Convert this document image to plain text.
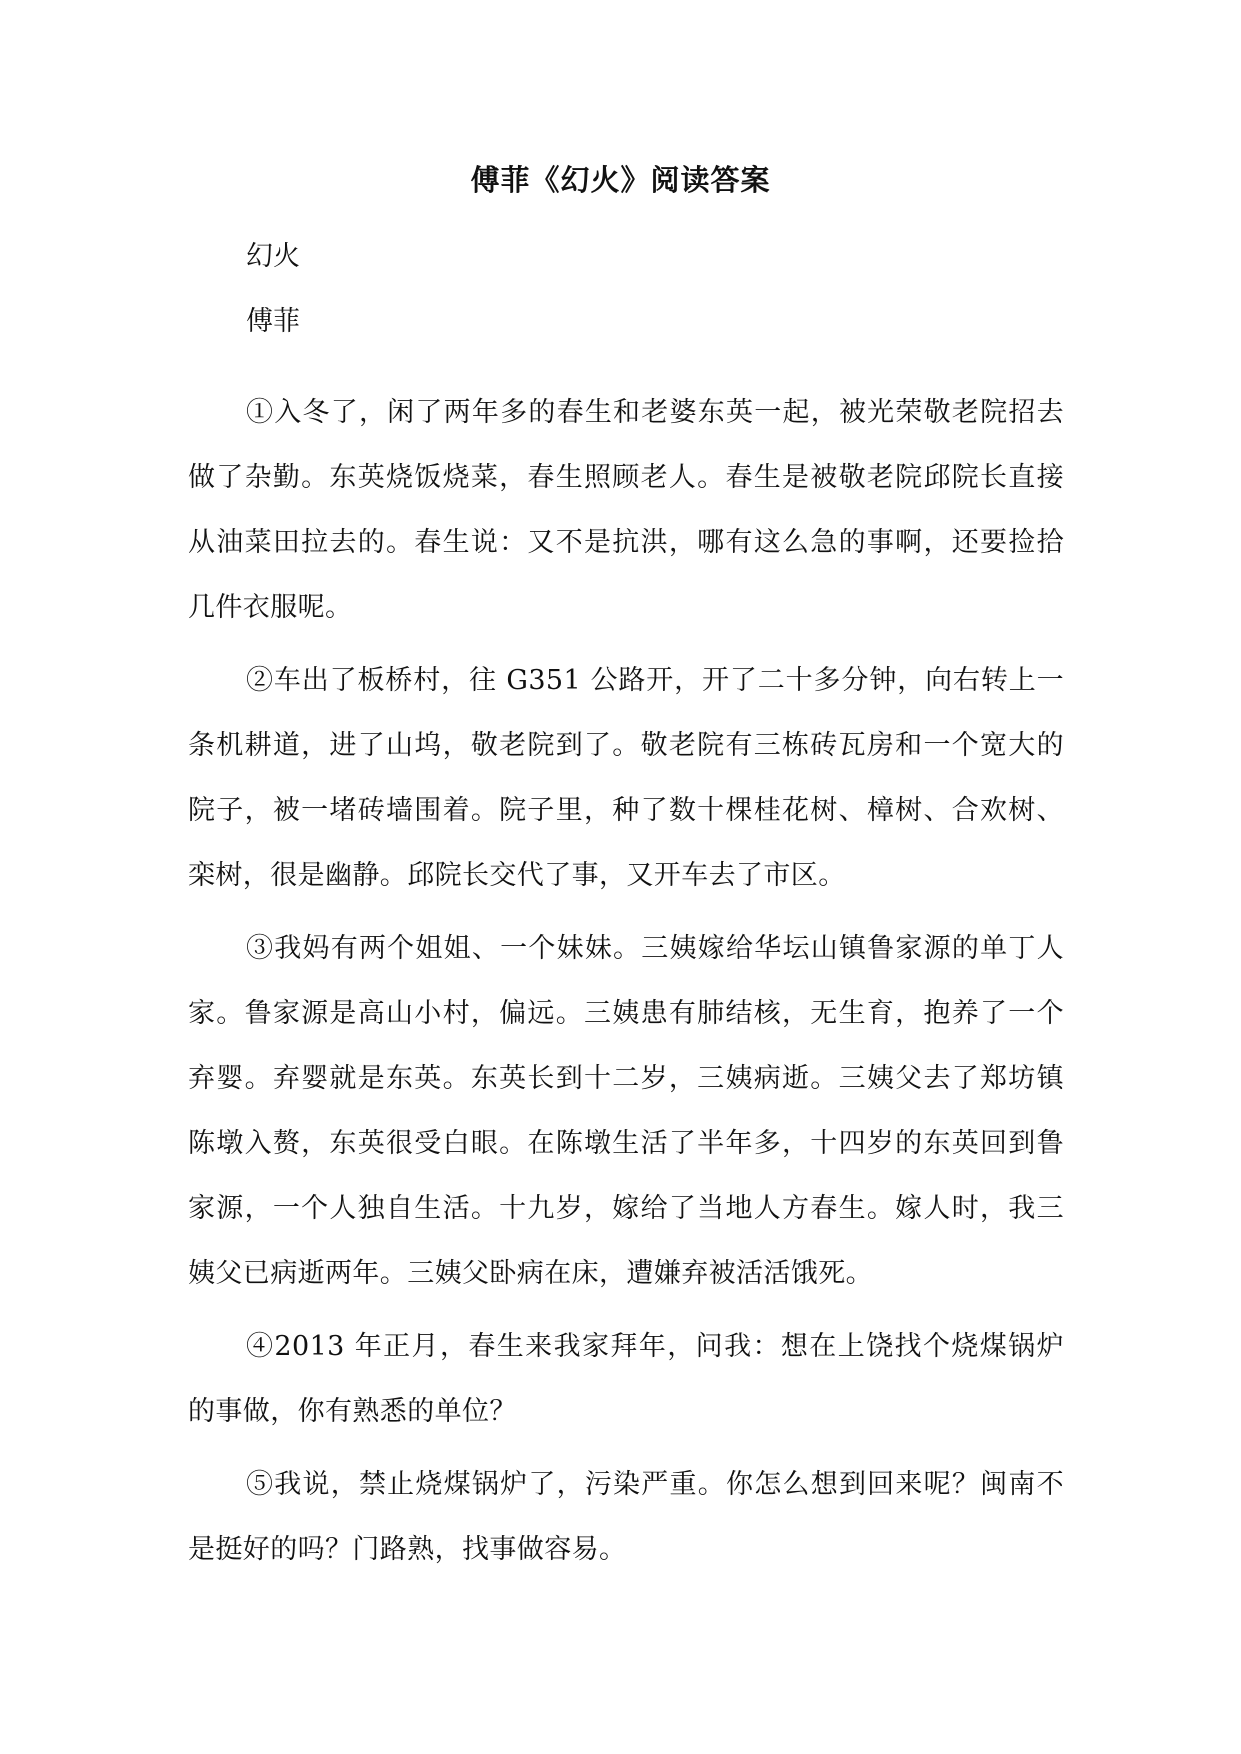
傅菲《幻火》阅读答案
幻火
傅菲

①入冬了，闲了两年多的春生和老婆东英一起，被光荣敬老院招去做了杂勤。东英烧饭烧菜，春生照顾老人。春生是被敬老院邱院长直接从油菜田拉去的。春生说：又不是抗洪，哪有这么急的事啊，还要捡拾几件衣服呢。

②车出了板桥村，往 G351 公路开，开了二十多分钟，向右转上一条机耕道，进了山坞，敬老院到了。敬老院有三栋砖瓦房和一个宽大的院子，被一堵砖墙围着。院子里，种了数十棵桂花树、樟树、合欢树、栾树，很是幽静。邱院长交代了事，又开车去了市区。

③我妈有两个姐姐、一个妹妹。三姨嫁给华坛山镇鲁家源的单丁人家。鲁家源是高山小村，偏远。三姨患有肺结核，无生育，抱养了一个弃婴。弃婴就是东英。东英长到十二岁，三姨病逝。三姨父去了郑坊镇陈墩入赘，东英很受白眼。在陈墩生活了半年多，十四岁的东英回到鲁家源，一个人独自生活。十九岁，嫁给了当地人方春生。嫁人时，我三姨父已病逝两年。三姨父卧病在床，遭嫌弃被活活饿死。

④2013 年正月，春生来我家拜年，问我：想在上饶找个烧煤锅炉的事做，你有熟悉的单位？

⑤我说，禁止烧煤锅炉了，污染严重。你怎么想到回来呢？闽南不是挺好的吗？门路熟，找事做容易。
